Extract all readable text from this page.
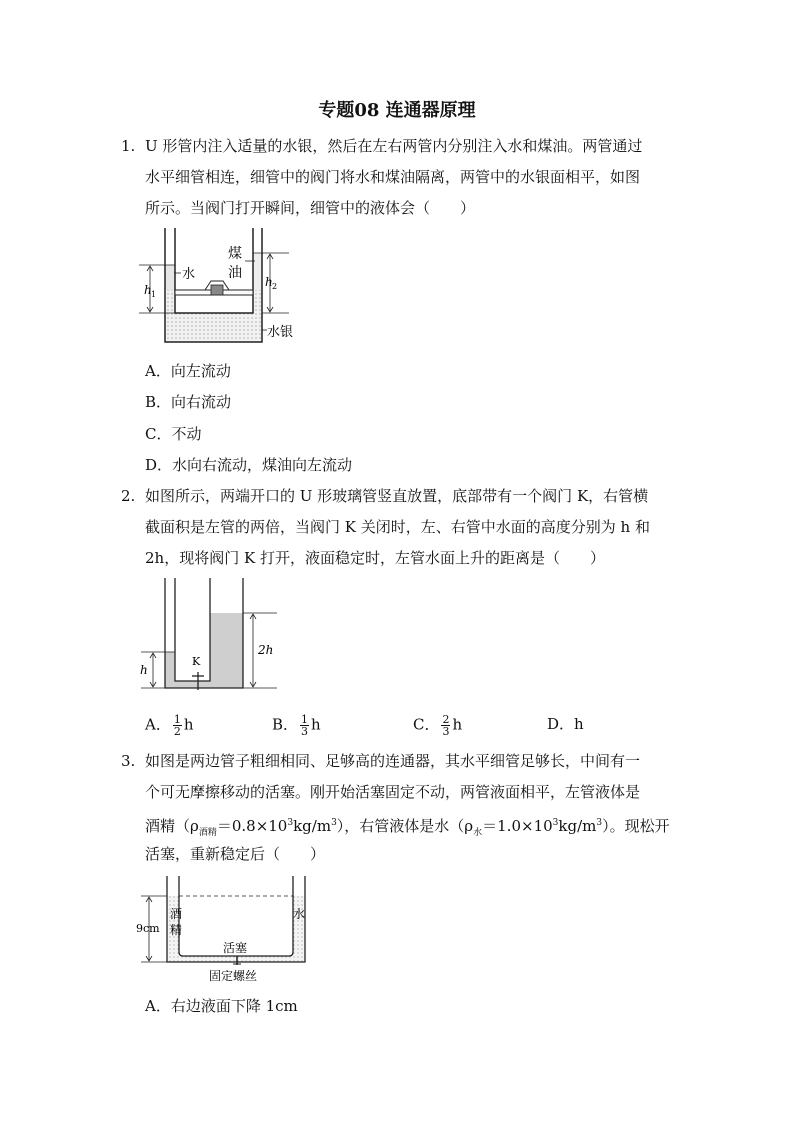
专题08 连通器原理
1. U 形管内注入适量的水银，然后在左右两管内分别注入水和煤油。两管通过
水平细管相连，细管中的阀门将水和煤油隔离，两管中的水银面相平，如图
所示。当阀门打开瞬间，细管中的液体会（　　）
水
煤
油
h 1
h 2
水银
A．向左流动
B．向右流动
C．不动
D．水向右流动，煤油向左流动
2. 如图所示，两端开口的 U 形玻璃管竖直放置，底部带有一个阀门 K，右管横
截面积是左管的两倍，当阀门 K 关闭时，左、右管中水面的高度分别为 h 和
2h，现将阀门 K 打开，液面稳定时，左管水面上升的距离是（　　）
K
h
2h
A． $\frac{1}{2}$ h	B． $\frac{1}{3}$ h	C． $\frac{2}{3}$ h	D．h
3. 如图是两边管子粗细相同、足够高的连通器，其水平细管足够长，中间有一
个可无摩擦移动的活塞。刚开始活塞固定不动，两管液面相平，左管液体是
酒精$(\rho_{酒精}=0.8\times 10^3kg/m^3)$，右管液体是水$(\rho_水=1.0\times 10^3kg/m^3)$。现松开
活塞，重新稳定后（　　）
9cm
酒
精
水
活塞
固定螺丝
A．右边液面下降 1cm
